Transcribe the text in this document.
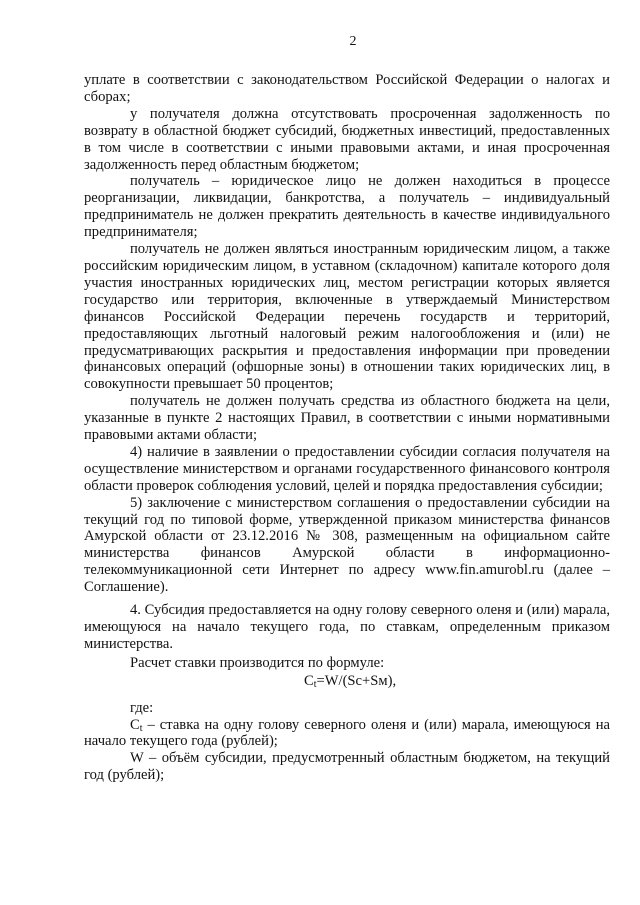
2

уплате в соответствии с законодательством Российской Федерации о налогах и сборах;

у получателя должна отсутствовать просроченная задолженность по возврату в областной бюджет субсидий, бюджетных инвестиций, предоставленных в том числе в соответствии с иными правовыми актами, и иная просроченная задолженность перед областным бюджетом;

получатель – юридическое лицо не должен находиться в процессе реорганизации, ликвидации, банкротства, а получатель – индивидуальный предприниматель не должен прекратить деятельность в качестве индивидуального предпринимателя;

получатель не должен являться иностранным юридическим лицом, а также российским юридическим лицом, в уставном (складочном) капитале которого доля участия иностранных юридических лиц, местом регистрации которых является государство или территория, включенные в утверждаемый Министерством финансов Российской Федерации перечень государств и территорий, предоставляющих льготный налоговый режим налогообложения и (или) не предусматривающих раскрытия и предоставления информации при проведении финансовых операций (офшорные зоны) в отношении таких юридических лиц, в совокупности превышает 50 процентов;

получатель не должен получать средства из областного бюджета на цели, указанные в пункте 2 настоящих Правил, в соответствии с иными нормативными правовыми актами области;

4) наличие в заявлении о предоставлении субсидии согласия получателя на осуществление министерством и органами государственного финансового контроля области проверок соблюдения условий, целей и порядка предоставления субсидии;

5) заключение с министерством соглашения о предоставлении субсидии на текущий год по типовой форме, утвержденной приказом министерства финансов Амурской области от 23.12.2016 № 308, размещенным на официальном сайте министерства финансов Амурской области в информационно-телекоммуникационной сети Интернет по адресу www.fin.amurobl.ru (далее – Соглашение).

4. Субсидия предоставляется на одну голову северного оленя и (или) марала, имеющуюся на начало текущего года, по ставкам, определенным приказом министерства.

Расчет ставки производится по формуле:

$C_t=W/(Sc+Sм)$,

где:

$C_t$ – ставка на одну голову северного оленя и (или) марала, имеющуюся на начало текущего года (рублей);

W – объём субсидии, предусмотренный областным бюджетом, на текущий год (рублей);
